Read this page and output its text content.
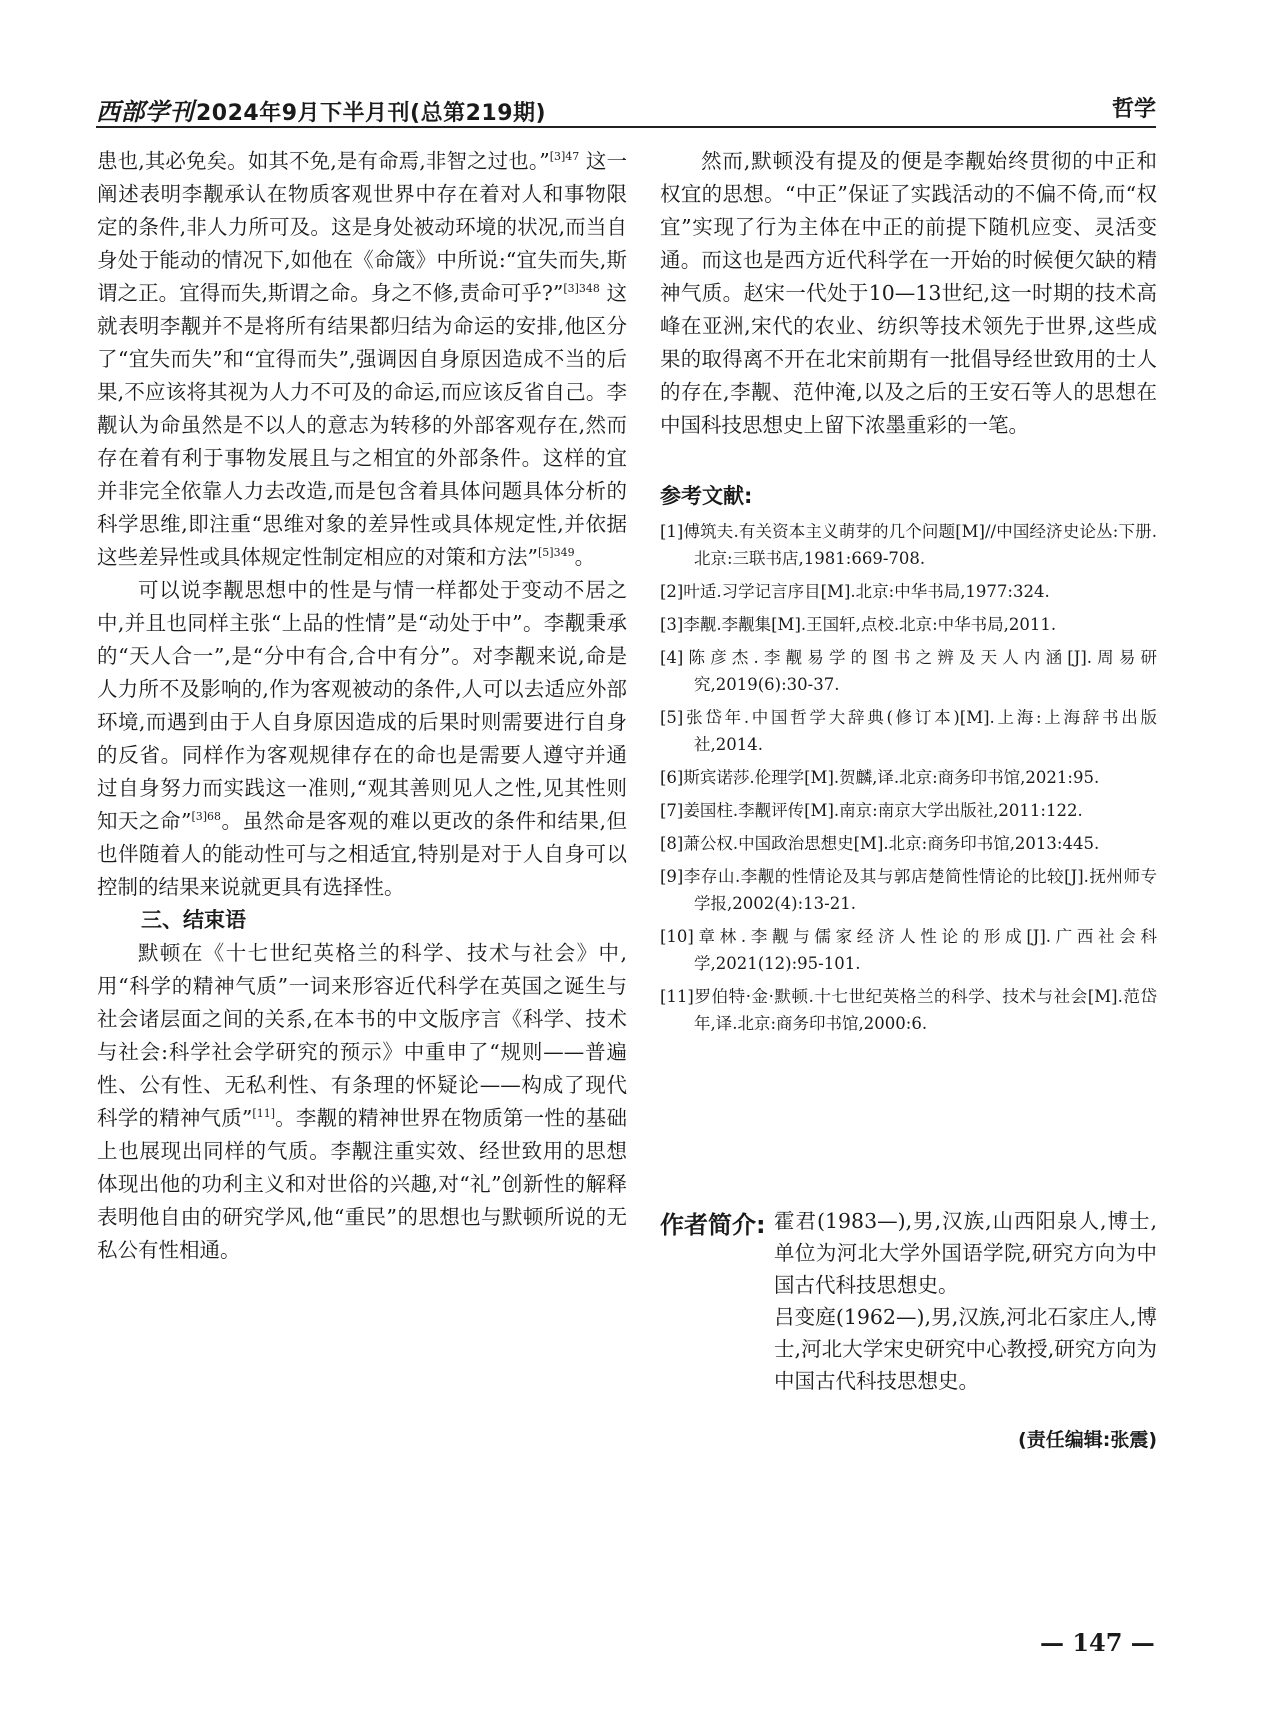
西部学刊2024年9月下半月刊(总第219期)	哲学

患也,其必免矣。如其不免,是有命焉,非智之过也。”$^{[3]47}$ 这一阐述表明李觏承认在物质客观世界中存在着对人和事物限定的条件,非人力所可及。这是身处被动环境的状况,而当自身处于能动的情况下,如他在《命箴》中所说:“宜失而失,斯谓之正。宜得而失,斯谓之命。身之不修,责命可乎?”$^{[3]348}$ 这就表明李觏并不是将所有结果都归结为命运的安排,他区分了“宜失而失”和“宜得而失”,强调因自身原因造成不当的后果,不应该将其视为人力不可及的命运,而应该反省自己。李觏认为命虽然是不以人的意志为转移的外部客观存在,然而存在着有利于事物发展且与之相宜的外部条件。这样的宜并非完全依靠人力去改造,而是包含着具体问题具体分析的科学思维,即注重“思维对象的差异性或具体规定性,并依据这些差异性或具体规定性制定相应的对策和方法”$^{[5]349}$。

可以说李觏思想中的性是与情一样都处于变动不居之中,并且也同样主张“上品的性情”是“动处于中”。李觏秉承的“天人合一”,是“分中有合,合中有分”。对李觏来说,命是人力所不及影响的,作为客观被动的条件,人可以去适应外部环境,而遇到由于人自身原因造成的后果时则需要进行自身的反省。同样作为客观规律存在的命也是需要人遵守并通过自身努力而实践这一准则,“观其善则见人之性,见其性则知天之命”$^{[3]68}$。虽然命是客观的难以更改的条件和结果,但也伴随着人的能动性可与之相适宜,特别是对于人自身可以控制的结果来说就更具有选择性。

三、结束语

默顿在《十七世纪英格兰的科学、技术与社会》中,用“科学的精神气质”一词来形容近代科学在英国之诞生与社会诸层面之间的关系,在本书的中文版序言《科学、技术与社会:科学社会学研究的预示》中重申了“规则——普遍性、公有性、无私利性、有条理的怀疑论——构成了现代科学的精神气质”[11]。李觏的精神世界在物质第一性的基础上也展现出同样的气质。李觏注重实效、经世致用的思想体现出他的功利主义和对世俗的兴趣,对“礼”创新性的解释表明他自由的研究学风,他“重民”的思想也与默顿所说的无私公有性相通。

然而,默顿没有提及的便是李觏始终贯彻的中正和权宜的思想。“中正”保证了实践活动的不偏不倚,而“权宜”实现了行为主体在中正的前提下随机应变、灵活变通。而这也是西方近代科学在一开始的时候便欠缺的精神气质。赵宋一代处于10—13世纪,这一时期的技术高峰在亚洲,宋代的农业、纺织等技术领先于世界,这些成果的取得离不开在北宋前期有一批倡导经世致用的士人的存在,李觏、范仲淹,以及之后的王安石等人的思想在中国科技思想史上留下浓墨重彩的一笔。

参考文献:

[1]傅筑夫.有关资本主义萌芽的几个问题[M]//中国经济史论丛:下册.北京:三联书店,1981:669-708.

[2]叶适.习学记言序目[M].北京:中华书局,1977:324.

[3]李觏.李觏集[M].王国轩,点校.北京:中华书局,2011.

[4]陈彦杰.李觏易学的图书之辨及天人内涵[J].周易研究,2019(6):30-37.

[5]张岱年.中国哲学大辞典(修订本)[M].上海:上海辞书出版社,2014.

[6]斯宾诺莎.伦理学[M].贺麟,译.北京:商务印书馆,2021:95.

[7]姜国柱.李觏评传[M].南京:南京大学出版社,2011:122.

[8]萧公权.中国政治思想史[M].北京:商务印书馆,2013:445.

[9]李存山.李觏的性情论及其与郭店楚简性情论的比较[J].抚州师专学报,2002(4):13-21.

[10]章林.李觏与儒家经济人性论的形成[J].广西社会科学,2021(12):95-101.

[11]罗伯特·金·默顿.十七世纪英格兰的科学、技术与社会[M].范岱年,译.北京:商务印书馆,2000:6.

作者简介: 霍君(1983—),男,汉族,山西阳泉人,博士,单位为河北大学外国语学院,研究方向为中国古代科技思想史。

吕变庭(1962—),男,汉族,河北石家庄人,博士,河北大学宋史研究中心教授,研究方向为中国古代科技思想史。

(责任编辑:张震)
— 147 —
